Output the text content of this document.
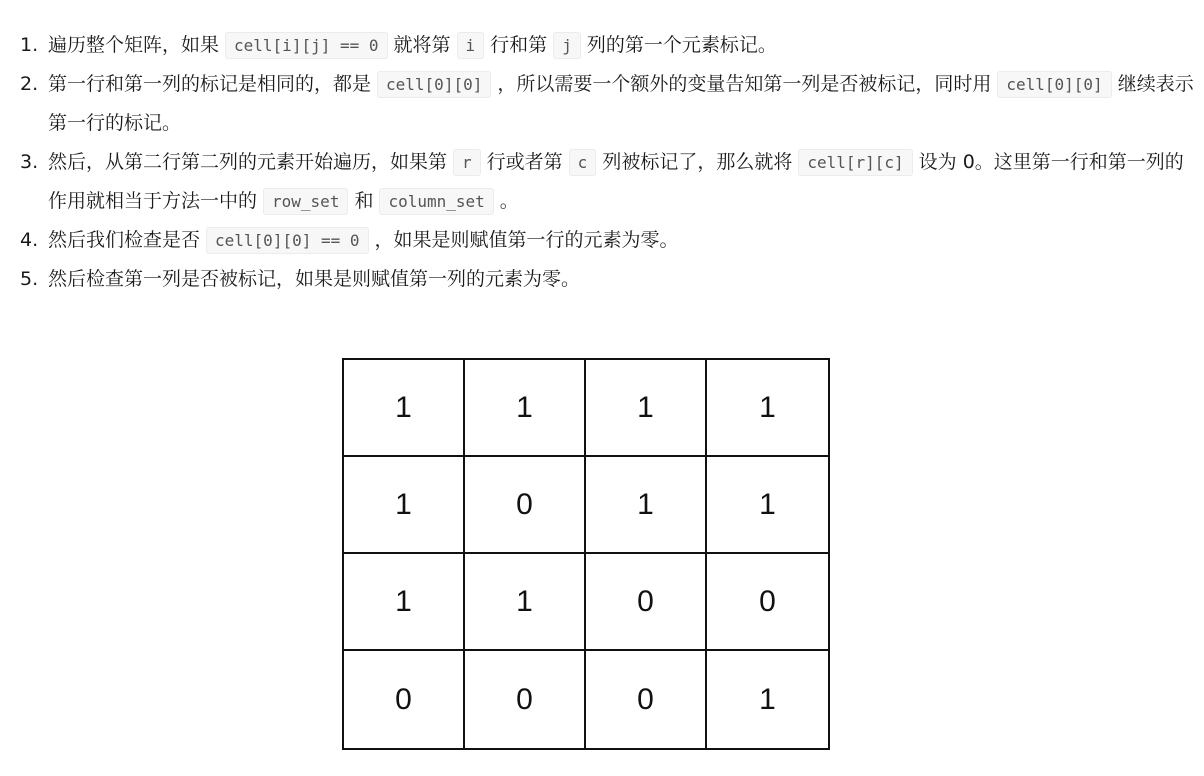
1. 遍历整个矩阵，如果 cell[i][j] == 0 就将第 i 行和第 j 列的第一个元素标记。
2. 第一行和第一列的标记是相同的，都是 cell[0][0] ，所以需要一个额外的变量告知第一列是否被标记，同时用 cell[0][0] 继续表示第一行的标记。
3. 然后，从第二行第二列的元素开始遍历，如果第 r 行或者第 c 列被标记了，那么就将 cell[r][c] 设为 0。这里第一行和第一列的作用就相当于方法一中的 row_set 和 column_set 。
4. 然后我们检查是否 cell[0][0] == 0 ，如果是则赋值第一行的元素为零。
5. 然后检查第一列是否被标记，如果是则赋值第一列的元素为零。
1	1	1	1
1	0	1	1
1	1	0	0
0	0	0	1
